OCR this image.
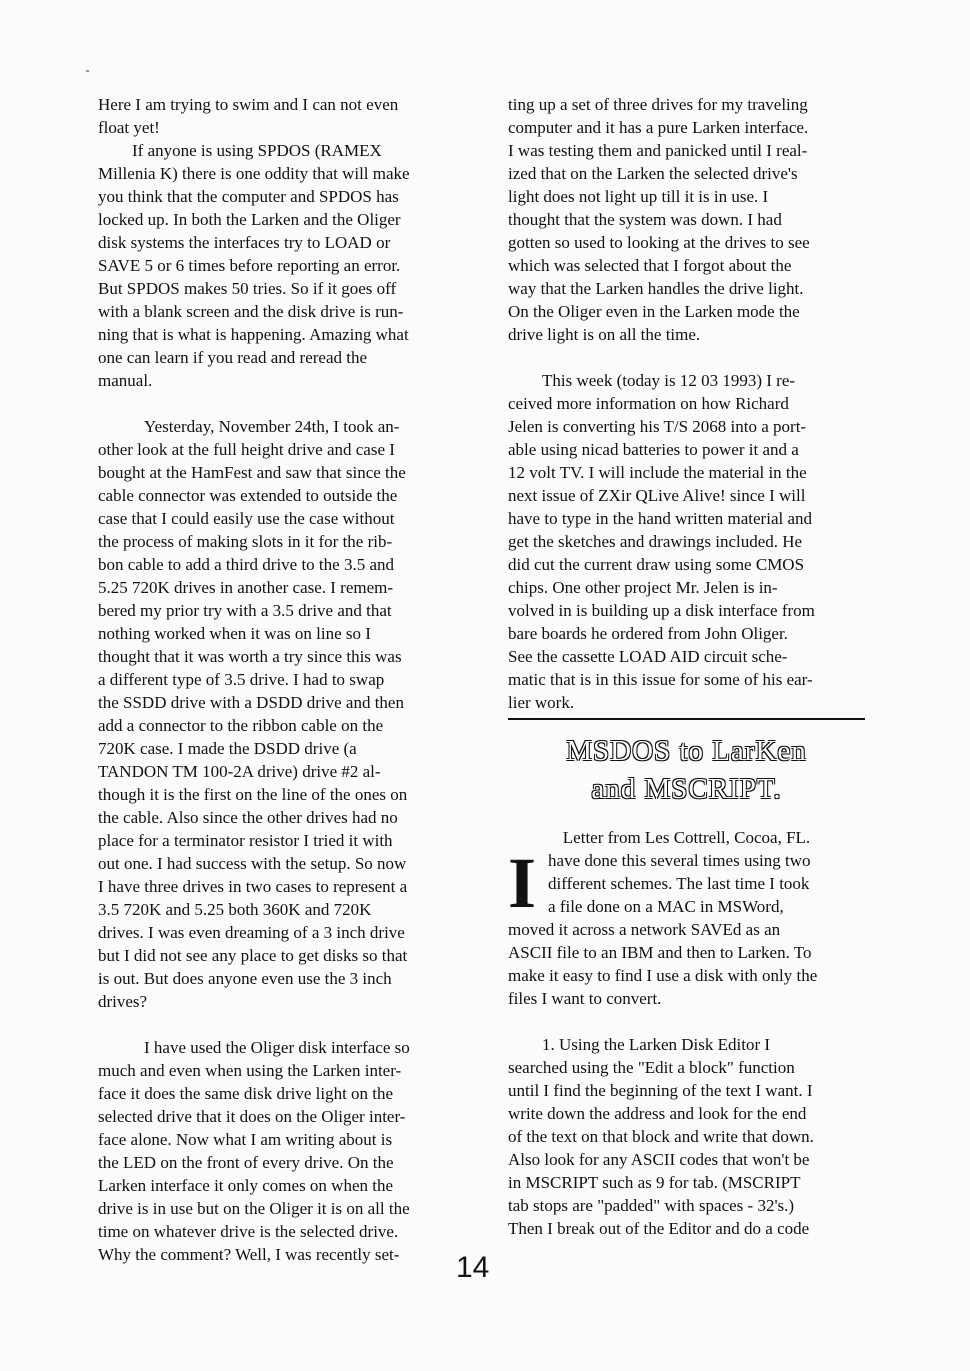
Here I am trying to swim and I can not even
float yet!

If anyone is using SPDOS (RAMEX
Millenia K) there is one oddity that will make
you think that the computer and SPDOS has
locked up. In both the Larken and the Oliger
disk systems the interfaces try to LOAD or
SAVE 5 or 6 times before reporting an error.
But SPDOS makes 50 tries. So if it goes off
with a blank screen and the disk drive is run-
ning that is what is happening. Amazing what
one can learn if you read and reread the
manual.

Yesterday, November 24th, I took an-
other look at the full height drive and case I
bought at the HamFest and saw that since the
cable connector was extended to outside the
case that I could easily use the case without
the process of making slots in it for the rib-
bon cable to add a third drive to the 3.5 and
5.25 720K drives in another case. I remem-
bered my prior try with a 3.5 drive and that
nothing worked when it was on line so I
thought that it was worth a try since this was
a different type of 3.5 drive. I had to swap
the SSDD drive with a DSDD drive and then
add a connector to the ribbon cable on the
720K case. I made the DSDD drive (a
TANDON TM 100-2A drive) drive #2 al-
though it is the first on the line of the ones on
the cable. Also since the other drives had no
place for a terminator resistor I tried it with
out one. I had success with the setup. So now
I have three drives in two cases to represent a
3.5 720K and 5.25 both 360K and 720K
drives. I was even dreaming of a 3 inch drive
but I did not see any place to get disks so that
is out. But does anyone even use the 3 inch
drives?

I have used the Oliger disk interface so
much and even when using the Larken inter-
face it does the same disk drive light on the
selected drive that it does on the Oliger inter-
face alone. Now what I am writing about is
the LED on the front of every drive. On the
Larken interface it only comes on when the
drive is in use but on the Oliger it is on all the
time on whatever drive is the selected drive.
Why the comment? Well, I was recently set-

ting up a set of three drives for my traveling
computer and it has a pure Larken interface.
I was testing them and panicked until I real-
ized that on the Larken the selected drive's
light does not light up till it is in use. I
thought that the system was down. I had
gotten so used to looking at the drives to see
which was selected that I forgot about the
way that the Larken handles the drive light.
On the Oliger even in the Larken mode the
drive light is on all the time.

This week (today is 12 03 1993) I re-
ceived more information on how Richard
Jelen is converting his T/S 2068 into a port-
able using nicad batteries to power it and a
12 volt TV. I will include the material in the
next issue of ZXir QLive Alive! since I will
have to type in the hand written material and
get the sketches and drawings included. He
did cut the current draw using some CMOS
chips. One other project Mr. Jelen is in-
volved in is building up a disk interface from
bare boards he ordered from John Oliger.
See the cassette LOAD AID circuit sche-
matic that is in this issue for some of his ear-
lier work.

MSDOS to LarKen
and MSCRIPT.

Letter from Les Cottrell, Cocoa, FL.

I have done this several times using two
different schemes. The last time I took
a file done on a MAC in MSWord,
moved it across a network SAVEd as an
ASCII file to an IBM and then to Larken. To
make it easy to find I use a disk with only the
files I want to convert.

1. Using the Larken Disk Editor I
searched using the "Edit a block" function
until I find the beginning of the text I want. I
write down the address and look for the end
of the text on that block and write that down.
Also look for any ASCII codes that won't be
in MSCRIPT such as 9 for tab. (MSCRIPT
tab stops are "padded" with spaces - 32's.)
Then I break out of the Editor and do a code

14
